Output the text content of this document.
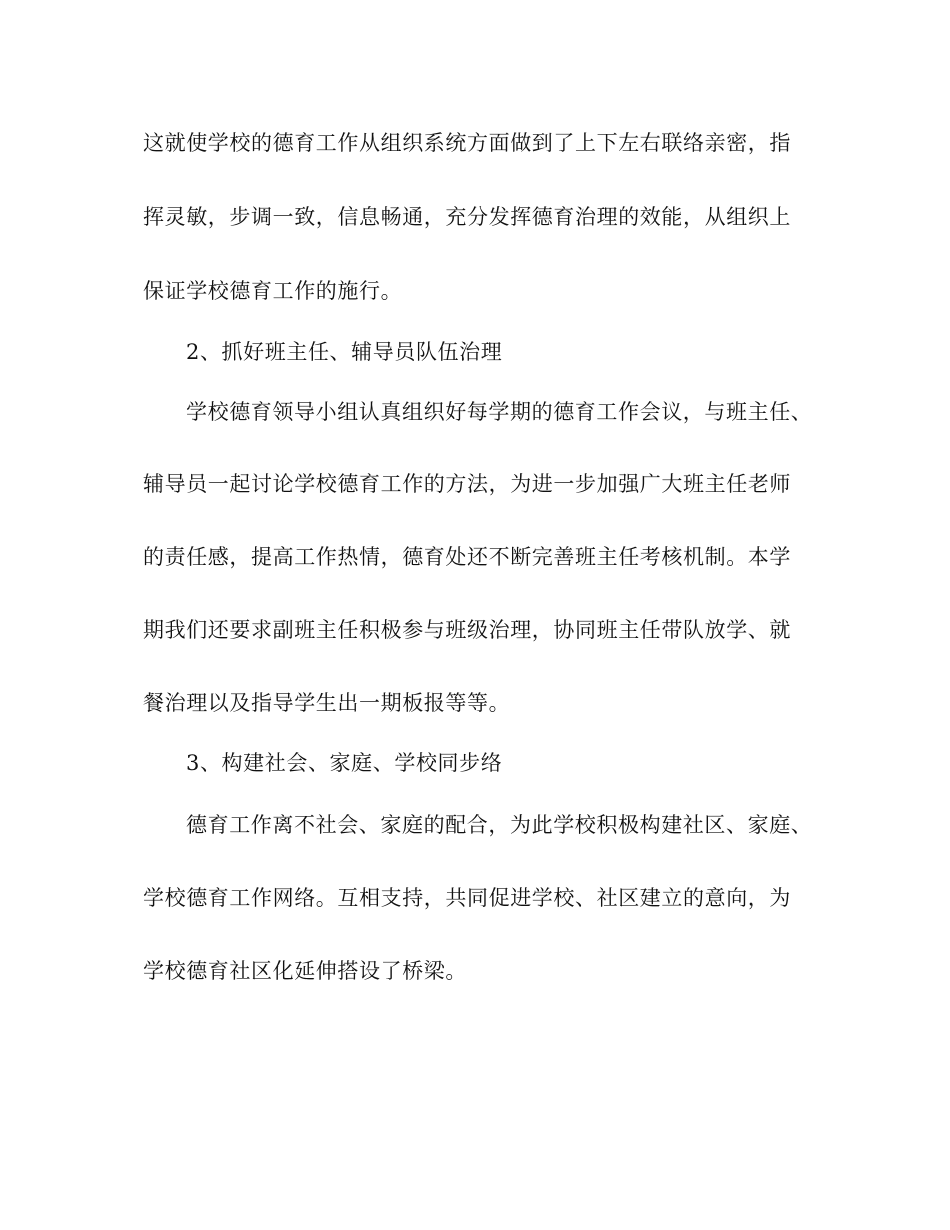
这就使学校的德育工作从组织系统方面做到了上下左右联络亲密，指
挥灵敏，步调一致，信息畅通，充分发挥德育治理的效能，从组织上
保证学校德育工作的施行。
2、抓好班主任、辅导员队伍治理
学校德育领导小组认真组织好每学期的德育工作会议，与班主任、
辅导员一起讨论学校德育工作的方法，为进一步加强广大班主任老师
的责任感，提高工作热情，德育处还不断完善班主任考核机制。本学
期我们还要求副班主任积极参与班级治理，协同班主任带队放学、就
餐治理以及指导学生出一期板报等等。
3、构建社会、家庭、学校同步络
德育工作离不社会、家庭的配合，为此学校积极构建社区、家庭、
学校德育工作网络。互相支持，共同促进学校、社区建立的意向，为
学校德育社区化延伸搭设了桥梁。
